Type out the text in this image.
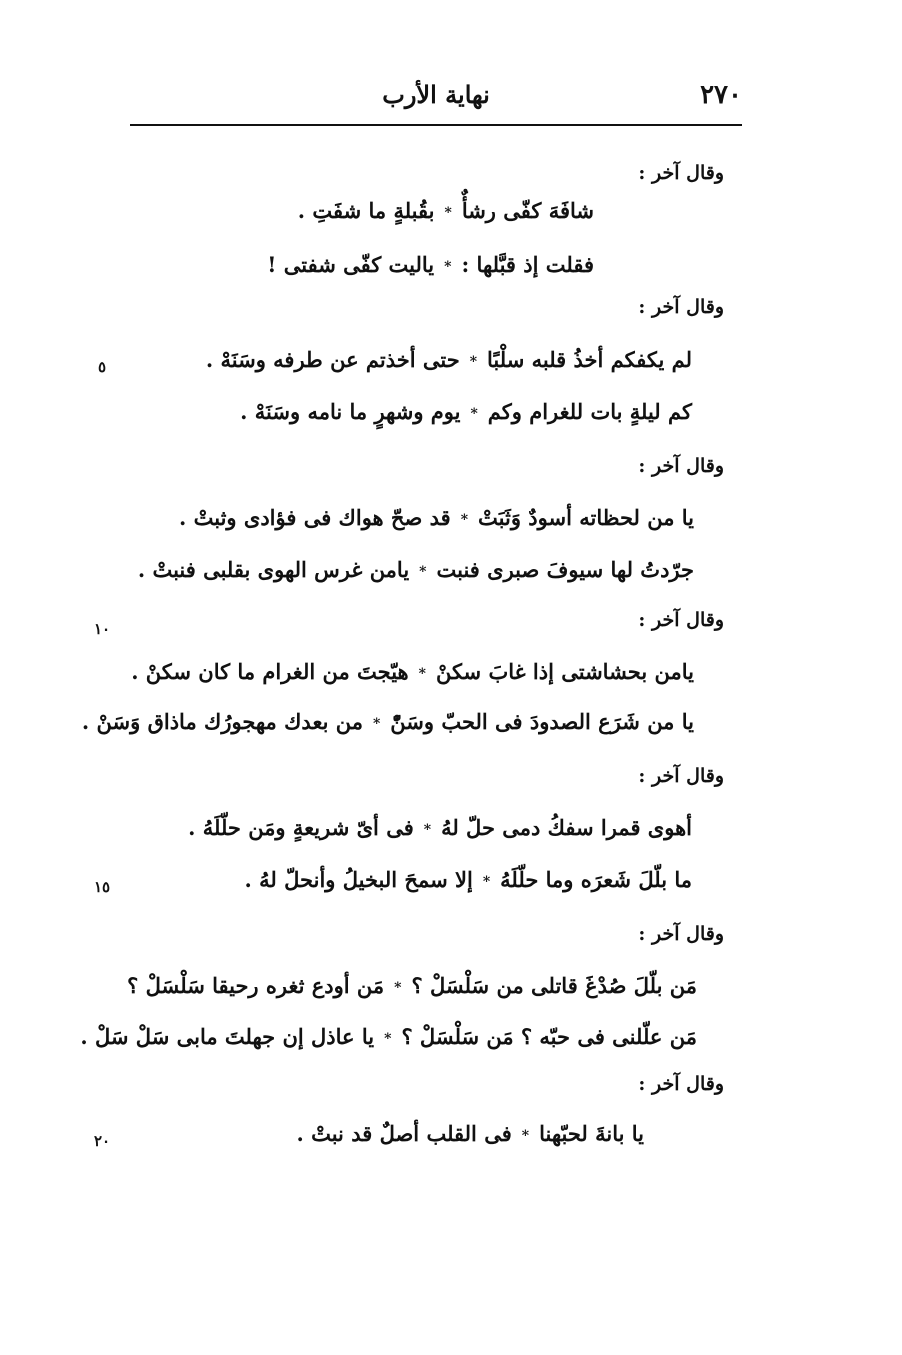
٢٧٠
نهاية الأرب
وقال آخر :
شافَهَ كفّى رشأٌ*بقُبلةٍ ما شفَتِ .
فقلت إذ قبَّلها :*ياليت كفّى شفتى !
وقال آخر :
لم يكفكم أخذُ قلبه سلْبًا*حتى أخذتم عن طرفه وسَنَهْ .
كم ليلةٍ بات للغرام وكم*يوم وشهرٍ ما نامه وسَنَهْ .
وقال آخر :
يا من لحظاته أسودٌ وَثَبَتْ*قد صحّ هواك فى فؤادى وثبتْ .
جرّدتُ لها سيوفَ صبرى فنبت*يامن غرس الهوى بقلبى فنبتْ .
وقال آخر :
يامن بحشاشتى إذا غابَ سكنْ*هيّجتَ من الغرام ما كان سكنْ .
يا من شَرَع الصدودَ فى الحبّ وسَنّْ*من بعدك مهجورُك ماذاق وَسَنْ .
وقال آخر :
أهوى قمرا سفكُ دمى حلّ لهُ*فى أىّ شريعةٍ ومَن حلّلَهُ .
ما بلّلَ شَعرَه وما حلّلَهُ*إلا سمحَ البخيلُ وأنحلّ لهُ .
وقال آخر :
مَن بلّلَ صُدْغَ قاتلى من سَلْسَلْ ؟*مَن أودع ثغره رحيقا سَلْسَلْ ؟
مَن علّلنى فى حبّه ؟ مَن سَلْسَلْ ؟*يا عاذل إن جهلتَ مابى سَلْ سَلْ .
وقال آخر :
يا بانةَ لحبّهنا*فى القلب أصلٌ قد نبتْ .
٥
١٠
١٥
٢٠
